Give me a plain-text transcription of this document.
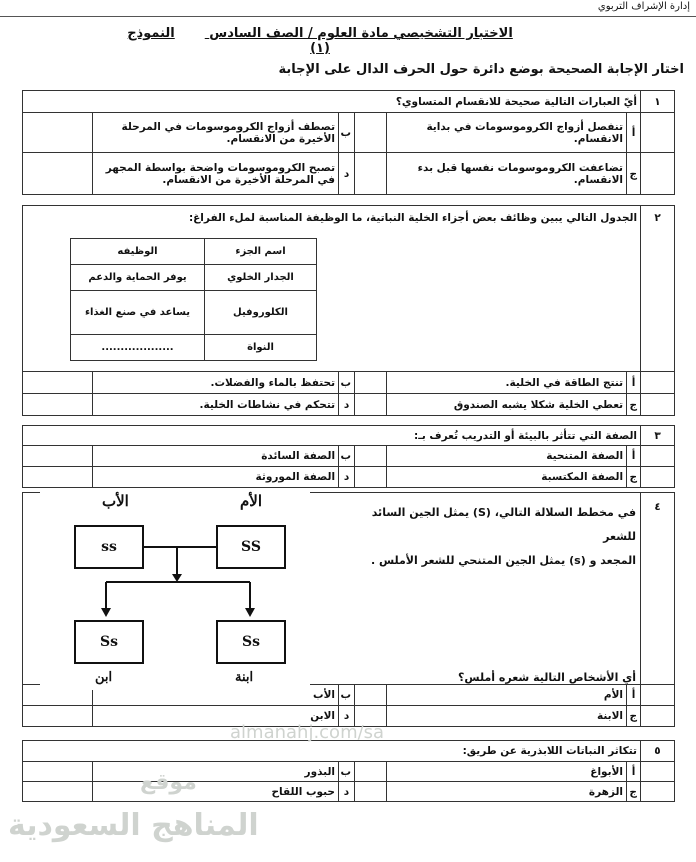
إدارة الإشراف التربوي
الاختبار التشخيصي مادة العلوم / الصف السادس النموذج (١)
اختار الإجابة الصحيحة بوضع دائرة حول الحرف الدال على الإجابة
١	أيّ العبارات التالية صحيحة للانقسام المتساوي؟					
	أ	تنفصل أزواج الكروموسومات في بداية الانقسام.		ب	تصطف أزواج الكروموسومات في المرحلة الأخيرة من الانقسام.	
	ج	تضاعفت الكروموسومات نفسها قبل بدء الانقسام.		د	تصبح الكروموسومات واضحة بواسطة المجهر في المرحلة الأخيرة من الانقسام.	
٢	الجدول التالي يبين وظائف بعض أجزاء الخلية النباتية، ما الوظيفة المناسبة لملء الفراغ:					
	أ	تنتج الطاقة في الخلية.		ب	تحتفظ بالماء والفضلات.	
	ج	تعطي الخلية شكلا يشبه الصندوق		د	تتحكم في نشاطات الخلية.	
اسم الجزء	الوظيفه
الجدار الخلوي	يوفر الحماية والدعم
الكلوروفيل	يساعد في صنع الغذاء
النواة	...................
٣	الصفة التي تتأثر بالبيئة أو التدريب تُعرف بـ:					
	أ	الصفة المتنحية		ب	الصفة السائدة	
	ج	الصفة المكتسبة		د	الصفة الموروثة	
٤	في مخطط السلالة التالي، (S) يمثل الجين السائد للشعر
المجعد و (s) يمثل الجين المتنحي للشعر الأملس .
أي الأشخاص التالية شعره أملس؟					

	أ	الأم		ب	الأب	
	ج	الابنة		د	الابن	
الأب	الأم
ss	SS
Ss	Ss
ابن	ابنة
٥	تتكاثر النباتات اللابذرية عن طريق:					
	أ	الأبواغ		ب	البذور	
	ج	الزهرة		د	حبوب اللقاح	
almanahj.com/sa
موقع
المناهج السعودية
